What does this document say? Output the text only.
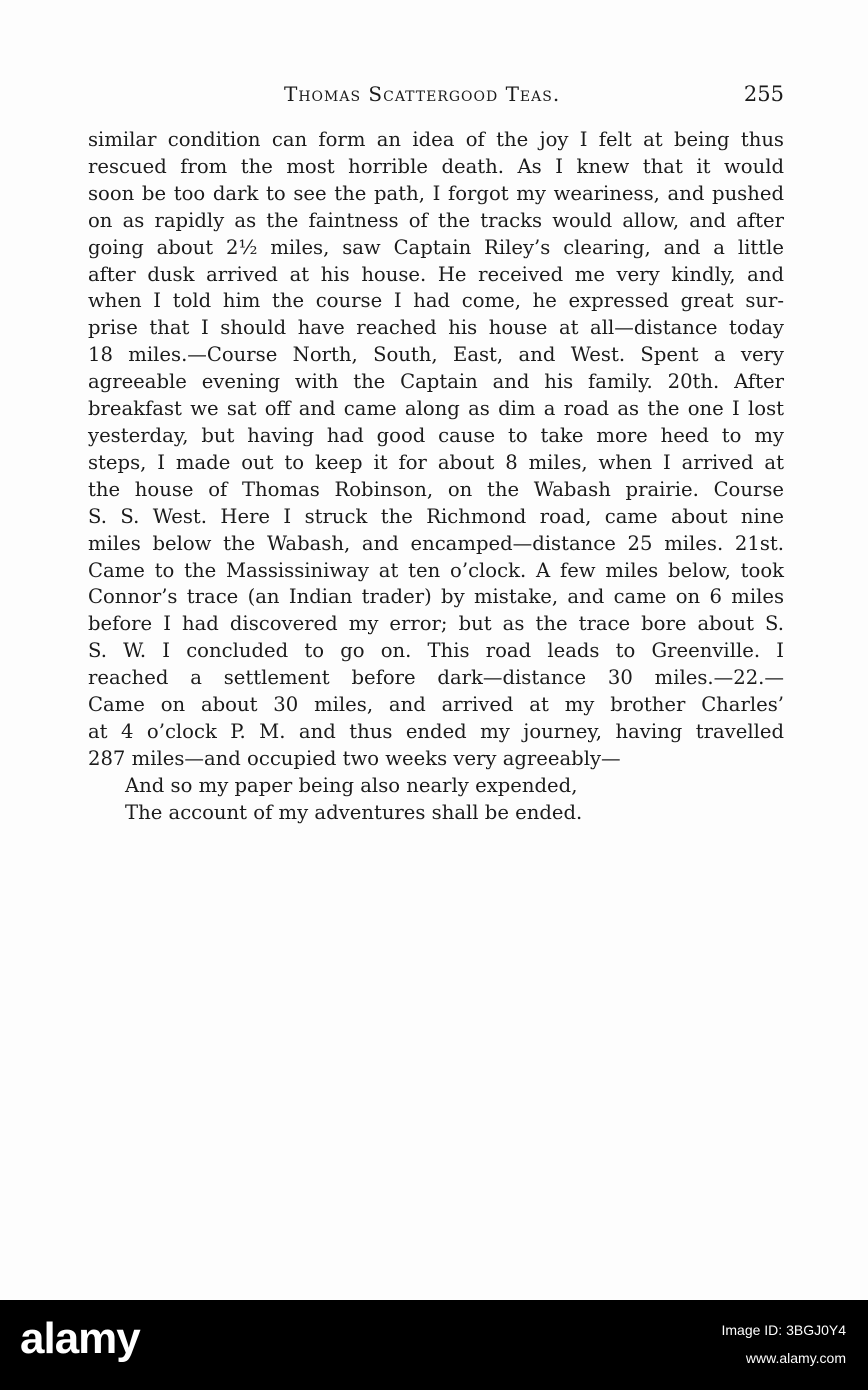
Thomas Scattergood Teas.	255
similar condition can form an idea of the joy I felt at being thus
rescued from the most horrible death. As I knew that it would
soon be too dark to see the path, I forgot my weariness, and pushed
on as rapidly as the faintness of the tracks would allow, and after
going about 2½ miles, saw Captain Riley’s clearing, and a little
after dusk arrived at his house. He received me very kindly, and
when I told him the course I had come, he expressed great sur-
prise that I should have reached his house at all—distance today
18 miles.—Course North, South, East, and West. Spent a very
agreeable evening with the Captain and his family. 20th. After
breakfast we sat off and came along as dim a road as the one I lost
yesterday, but having had good cause to take more heed to my
steps, I made out to keep it for about 8 miles, when I arrived at
the house of Thomas Robinson, on the Wabash prairie. Course
S. S. West. Here I struck the Richmond road, came about nine
miles below the Wabash, and encamped—distance 25 miles. 21st.
Came to the Massissiniway at ten o’clock. A few miles below, took
Connor’s trace (an Indian trader) by mistake, and came on 6 miles
before I had discovered my error; but as the trace bore about S.
S. W. I concluded to go on. This road leads to Greenville. I
reached a settlement before dark—distance 30 miles.—22.—
Came on about 30 miles, and arrived at my brother Charles’
at 4 o’clock P. M. and thus ended my journey, having travelled
287 miles—and occupied two weeks very agreeably—
And so my paper being also nearly expended,
The account of my adventures shall be ended.
alamy	Image ID: 3BGJ0Y4
www.alamy.com
